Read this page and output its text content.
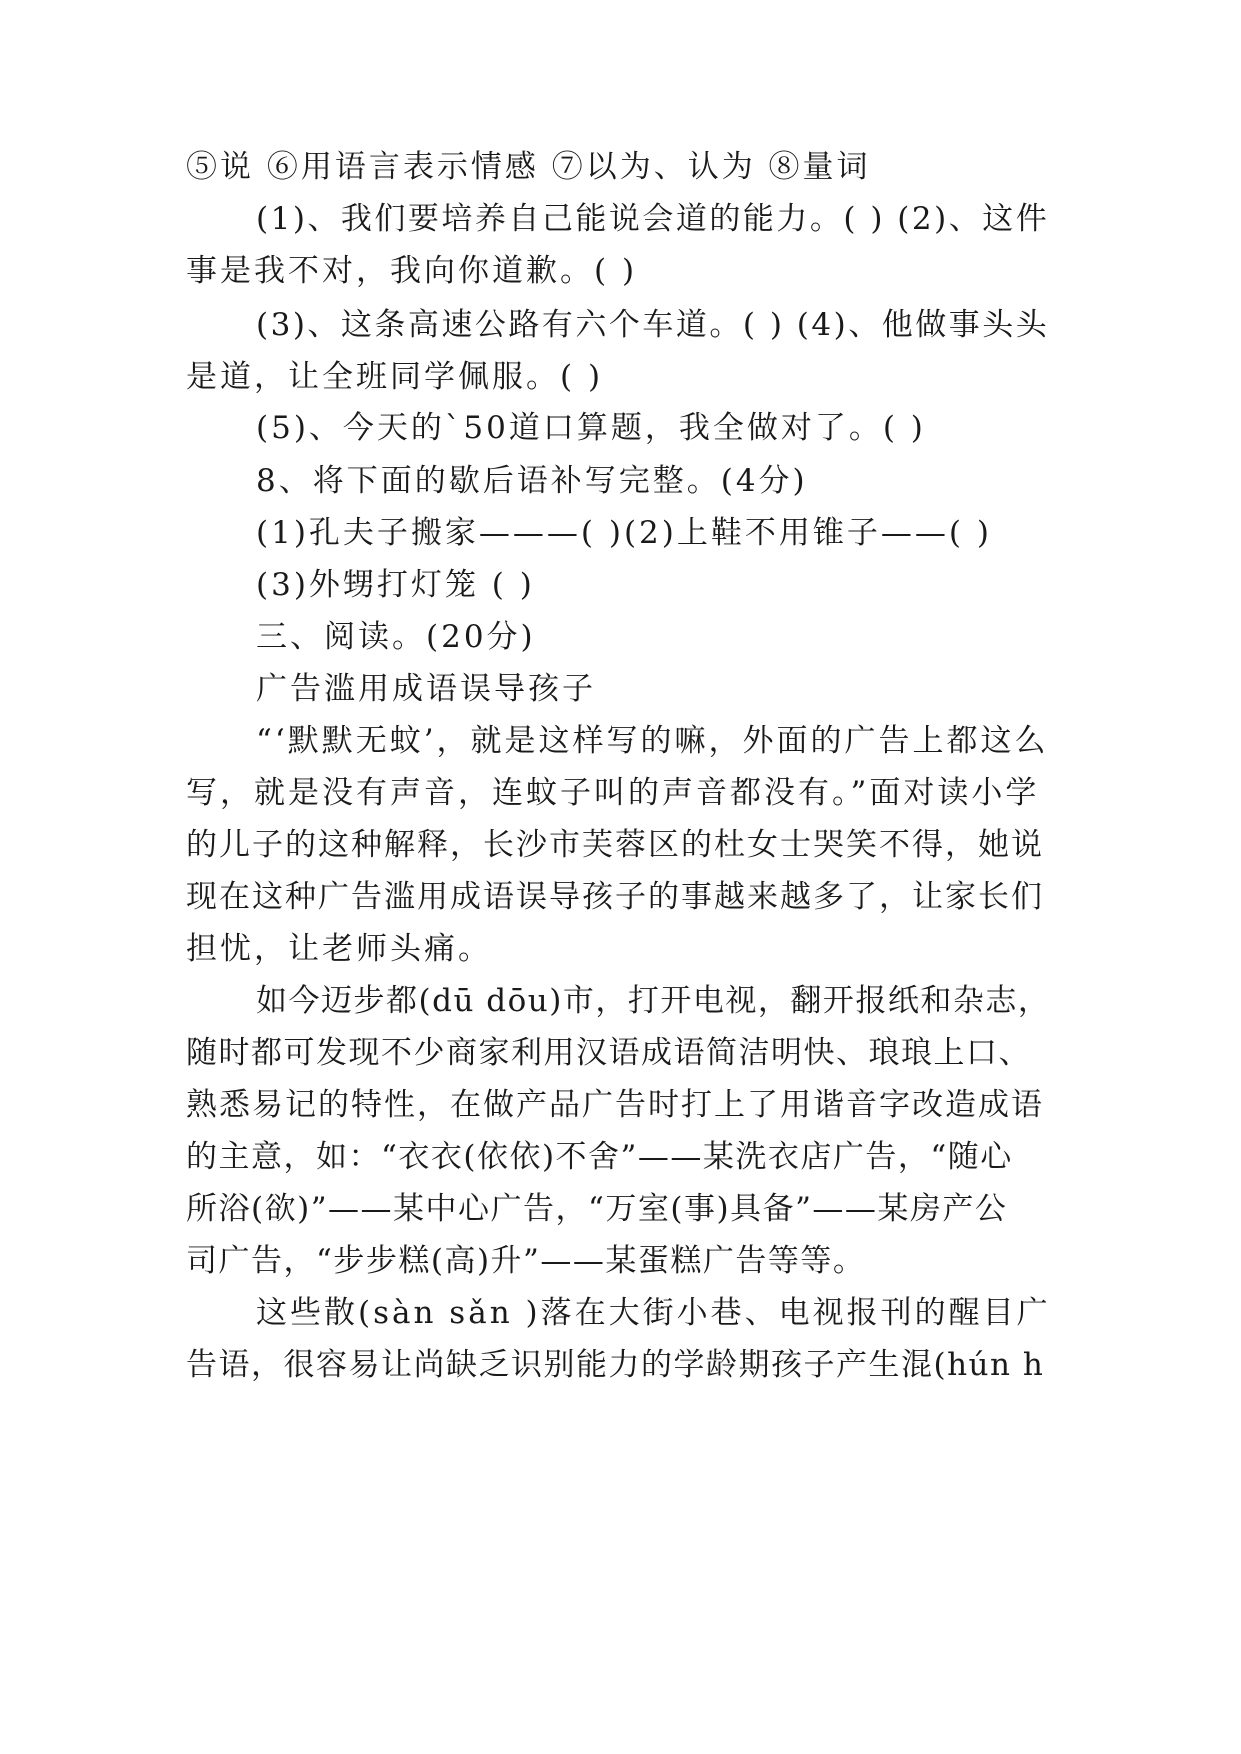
⑤说 ⑥用语言表示情感 ⑦以为、认为 ⑧量词
(1)、我们要培养自己能说会道的能力。( ) (2)、这件
事是我不对，我向你道歉。( )
(3)、这条高速公路有六个车道。( ) (4)、他做事头头
是道，让全班同学佩服。( )
(5)、今天的`50道口算题，我全做对了。( )
8、将下面的歇后语补写完整。(4分)
(1)孔夫子搬家———( )(2)上鞋不用锥子——( )
(3)外甥打灯笼 ( )
三、阅读。(20分)
广告滥用成语误导孩子
“‘默默无蚊’，就是这样写的嘛，外面的广告上都这么
写，就是没有声音，连蚊子叫的声音都没有。”面对读小学
的儿子的这种解释，长沙市芙蓉区的杜女士哭笑不得，她说
现在这种广告滥用成语误导孩子的事越来越多了，让家长们
担忧，让老师头痛。
如今迈步都(dū dōu)市，打开电视，翻开报纸和杂志，
随时都可发现不少商家利用汉语成语简洁明快、琅琅上口、
熟悉易记的特性，在做产品广告时打上了用谐音字改造成语
的主意，如：“衣衣(依依)不舍”——某洗衣店广告，“随心
所浴(欲)”——某中心广告，“万室(事)具备”——某房产公
司广告，“步步糕(高)升”——某蛋糕广告等等。
这些散(sàn sǎn )落在大街小巷、电视报刊的醒目广
告语，很容易让尚缺乏识别能力的学龄期孩子产生混(hún h
